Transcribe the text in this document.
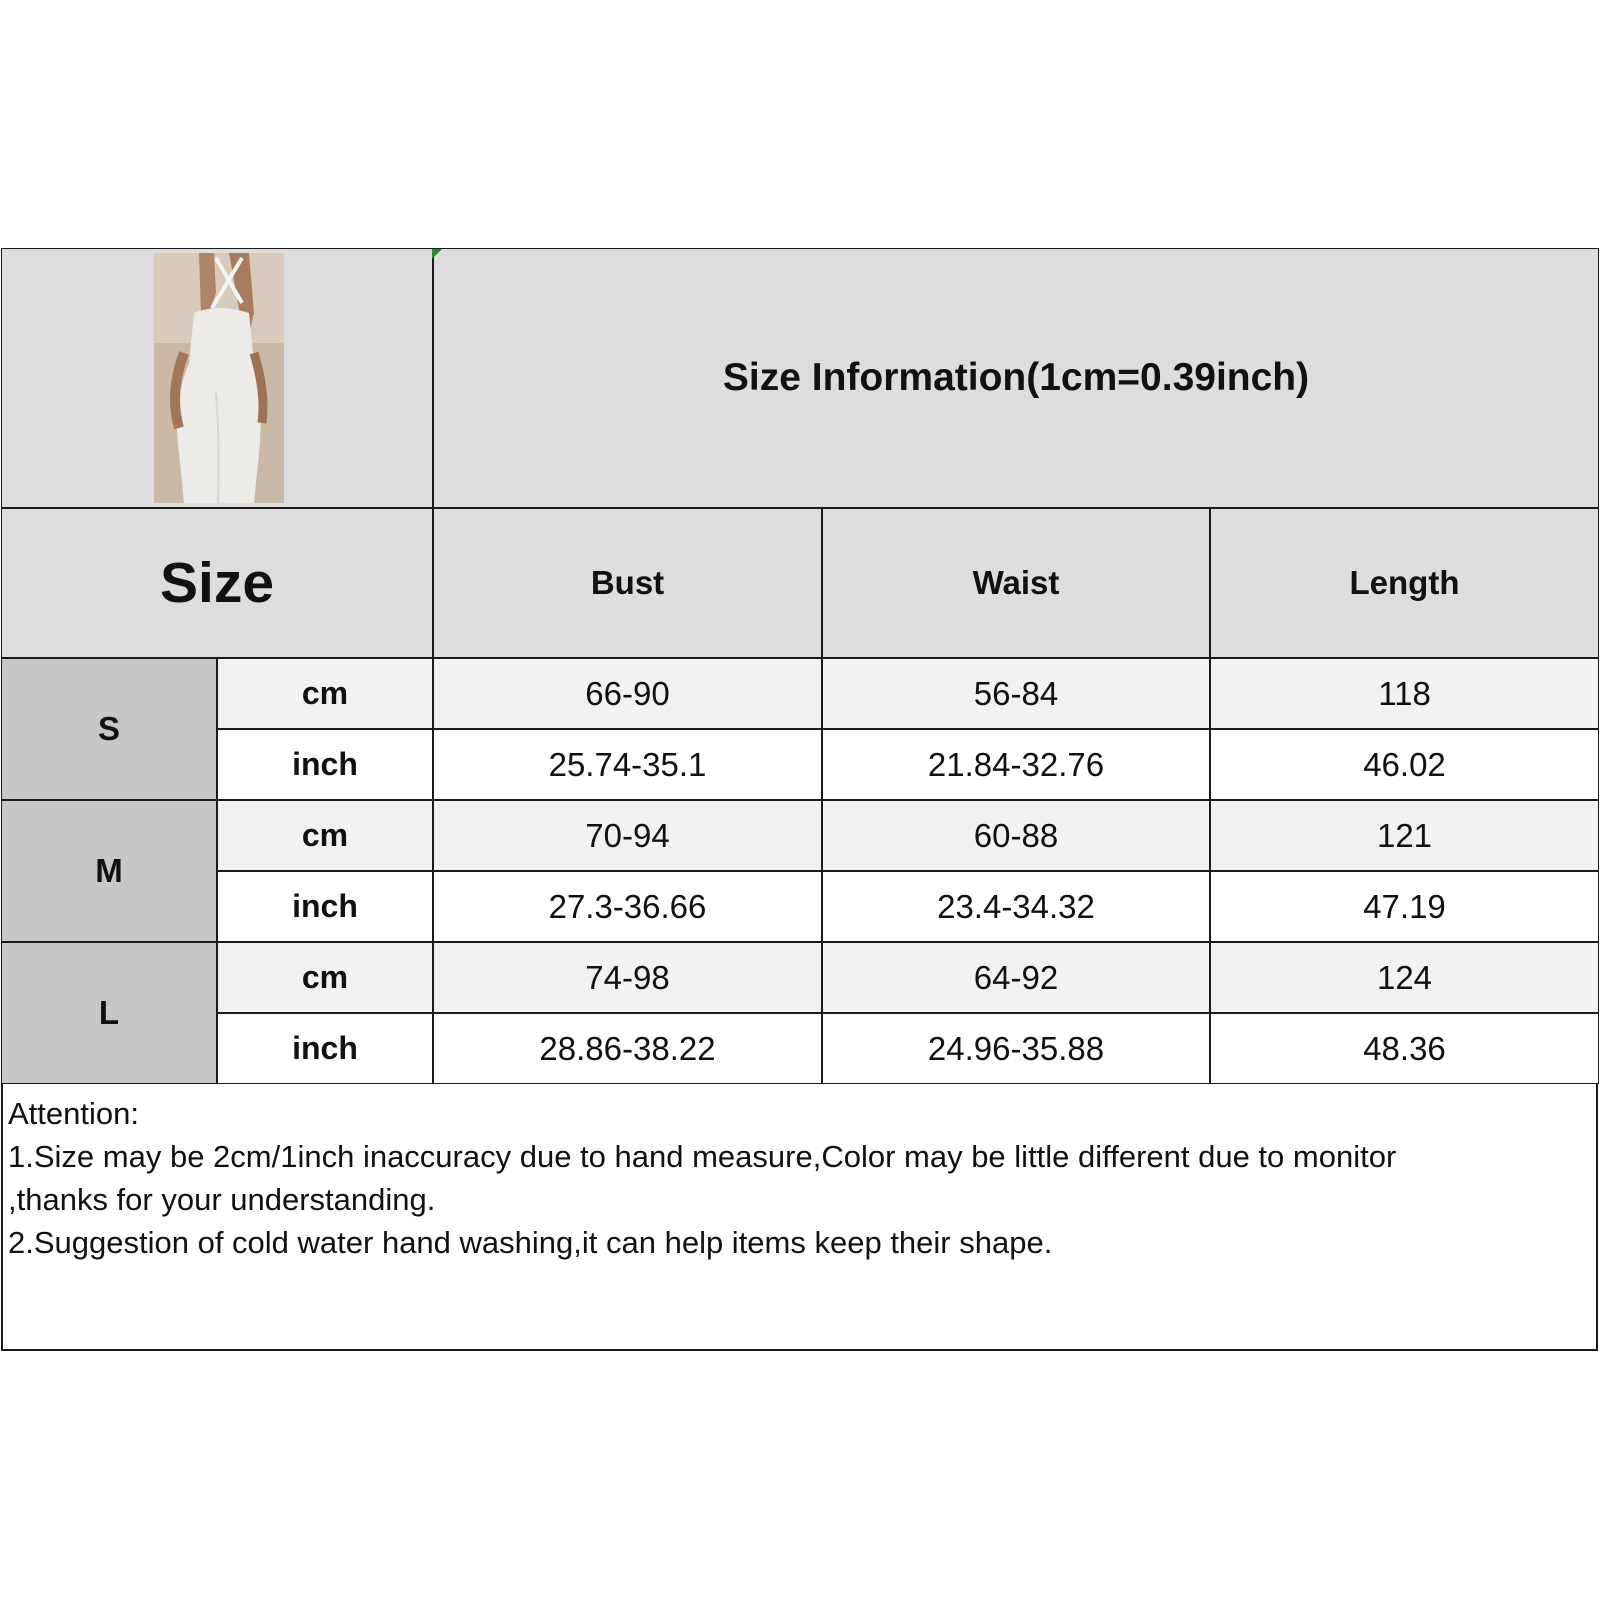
Size Information(1cm=0.39inch)
Size	Bust	Waist	Length
S
cm	66-90	56-84	118
inch	25.74-35.1	21.84-32.76	46.02
M
cm	70-94	60-88	121
inch	27.3-36.66	23.4-34.32	47.19
L
cm	74-98	64-92	124
inch	28.86-38.22	24.96-35.88	48.36
Attention:
1.Size may be 2cm/1inch inaccuracy due to hand measure,Color may be little different due to monitor
,thanks for your understanding.
2.Suggestion of cold water hand washing,it can help items keep their shape.
